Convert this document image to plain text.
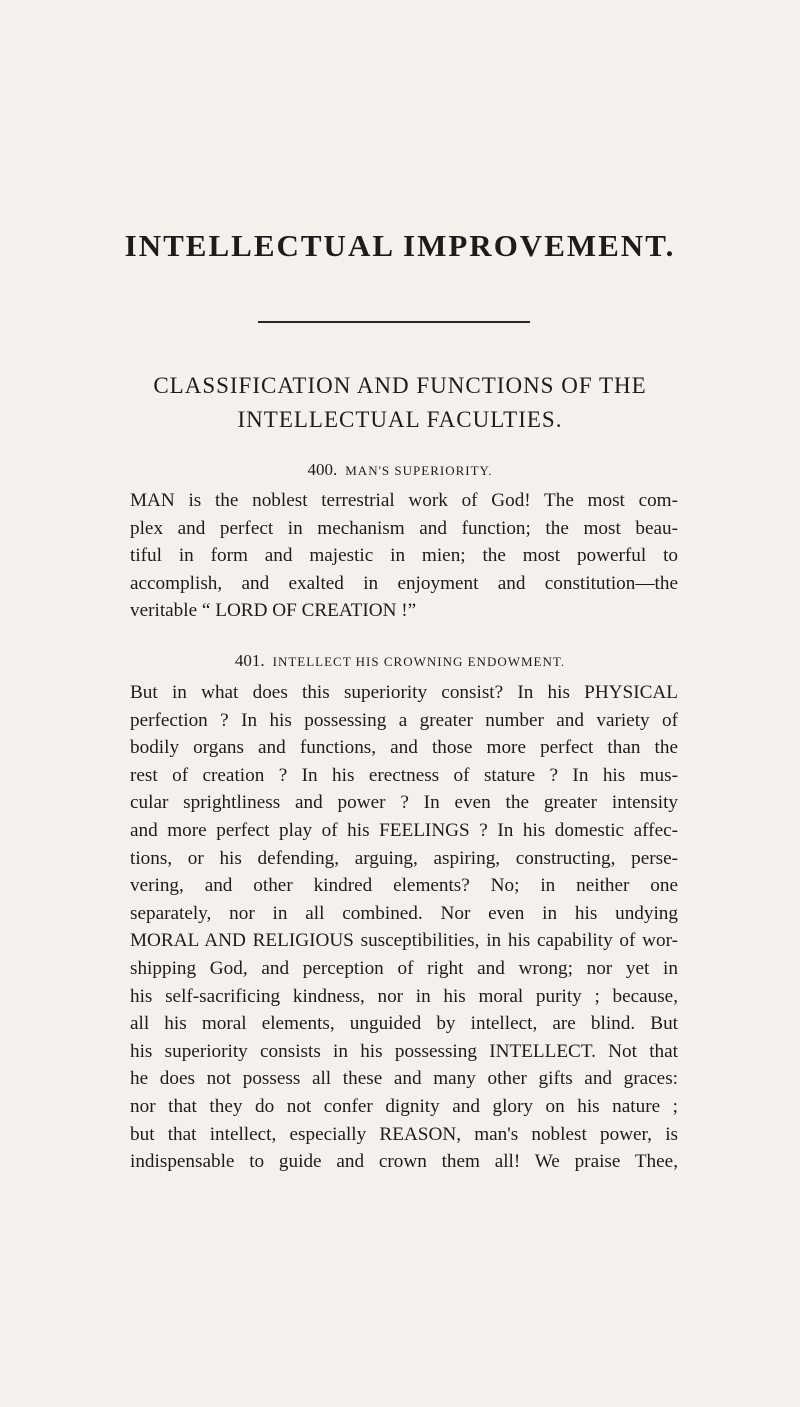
INTELLECTUAL IMPROVEMENT.
CLASSIFICATION AND FUNCTIONS OF THE
INTELLECTUAL FACULTIES.
400. MAN'S SUPERIORITY.
MAN is the noblest terrestrial work of God! The most com-
plex and perfect in mechanism and function; the most beau-
tiful in form and majestic in mien; the most powerful to
accomplish, and exalted in enjoyment and constitution—the
veritable “ LORD OF CREATION !”
401. INTELLECT HIS CROWNING ENDOWMENT.
But in what does this superiority consist? In his PHYSICAL
perfection ? In his possessing a greater number and variety of
bodily organs and functions, and those more perfect than the
rest of creation ? In his erectness of stature ? In his mus-
cular sprightliness and power ? In even the greater intensity
and more perfect play of his FEELINGS ? In his domestic affec-
tions, or his defending, arguing, aspiring, constructing, perse-
vering, and other kindred elements? No; in neither one
separately, nor in all combined. Nor even in his undying
MORAL AND RELIGIOUS susceptibilities, in his capability of wor-
shipping God, and perception of right and wrong; nor yet in
his self-sacrificing kindness, nor in his moral purity ; because,
all his moral elements, unguided by intellect, are blind. But
his superiority consists in his possessing INTELLECT. Not that
he does not possess all these and many other gifts and graces:
nor that they do not confer dignity and glory on his nature ;
but that intellect, especially REASON, man's noblest power, is
indispensable to guide and crown them all! We praise Thee,
